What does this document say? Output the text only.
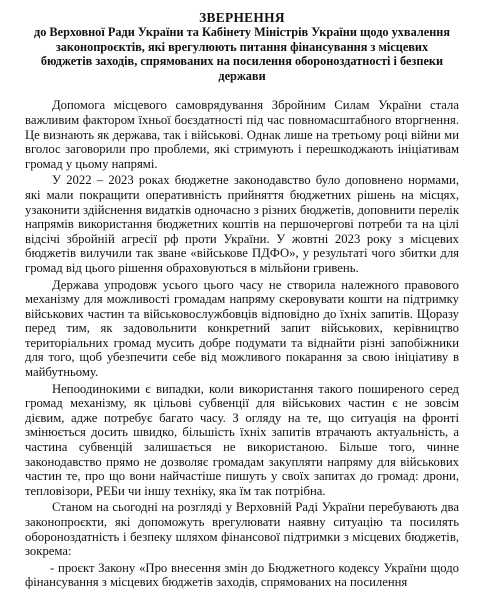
ЗВЕРНЕННЯ
до Верховної Ради України та Кабінету Міністрів України щодо ухвалення
законопроєктів, які врегулюють питання фінансування з місцевих
бюджетів заходів, спрямованих на посилення обороноздатності і безпеки
держави

Допомога місцевого самоврядування Збройним Силам України стала важливим фактором їхньої боєздатності під час повномасштабного вторгнення. Це визнають як держава, так і військові. Однак лише на третьому році війни ми вголос заговорили про проблеми, які стримують і перешкоджають ініціативам громад у цьому напрямі.

У 2022 – 2023 роках бюджетне законодавство було доповнено нормами, які мали покращити оперативність прийняття бюджетних рішень на місцях, узаконити здійснення видатків одночасно з різних бюджетів, доповнити перелік напрямів використання бюджетних коштів на першочергові потреби та на цілі відсічі збройній агресії рф проти України. У жовтні 2023 року з місцевих бюджетів вилучили так зване «військове ПДФО», у результаті чого збитки для громад від цього рішення обраховуються в мільйони гривень.

Держава упродовж усього цього часу не створила належного правового механізму для можливості громадам напряму скеровувати кошти на підтримку військових частин та військовослужбовців відповідно до їхніх запитів. Щоразу перед тим, як задовольнити конкретний запит військових, керівництво територіальних громад мусить добре подумати та віднайти різні запобіжники для того, щоб убезпечити себе від можливого покарання за свою ініціативу в майбутньому.

Непоодинокими є випадки, коли використання такого поширеного серед громад механізму, як цільові субвенції для військових частин є не зовсім дієвим, адже потребує багато часу. З огляду на те, що ситуація на фронті змінюється досить швидко, більшість їхніх запитів втрачають актуальність, а частина субвенцій залишається не використаною. Більше того, чинне законодавство прямо не дозволяє громадам закупляти напряму для військових частин те, про що вони найчастіше пишуть у своїх запитах до громад: дрони, тепловізори, РЕБи чи іншу техніку, яка їм так потрібна.

Станом на сьогодні на розгляді у Верховній Раді України перебувають два законопроєкти, які допоможуть врегулювати наявну ситуацію та посилять обороноздатність і безпеку шляхом фінансової підтримки з місцевих бюджетів, зокрема:

- проєкт Закону «Про внесення змін до Бюджетного кодексу України щодо фінансування з місцевих бюджетів заходів, спрямованих на посилення
